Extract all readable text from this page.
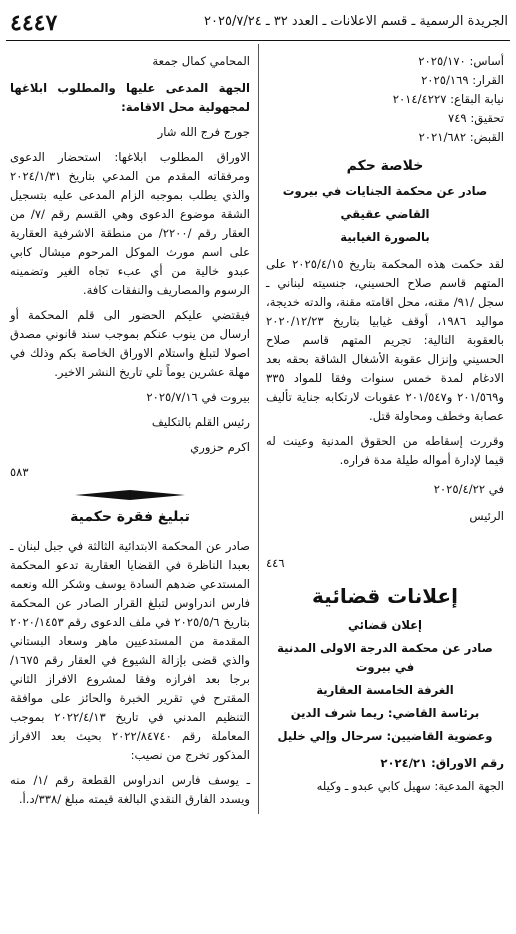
الجريدة الرسمية ـ قسم الاعلانات ـ العدد ٣٢ ـ ٢٠٢٥/٧/٢٤
٤٤٤٧
أساس: ٢٠٢٥/١٧٠
القرار: ٢٠٢٥/١٦٩
نيابة البقاع: ٢٠١٤/٤٢٢٧
تحقيق: ٧٤٩
القبض: ٢٠٢١/٦٨٢
خلاصة حكم
صادر عن محكمة الجنايات في بيروت
القاضي عقيقي
بالصورة الغيابية

لقد حكمت هذه المحكمة بتاريخ ٢٠٢٥/٤/١٥ على المتهم قاسم صلاح الحسيني، جنسيته لبناني ـ سجل /٩١/ مقنه، محل اقامته مقنة، والدته خديجة، مواليد ١٩٨٦، أوقف غيابيا بتاريخ ٢٠٢٠/١٢/٢٣ بالعقوبة التالية: تجريم المتهم قاسم صلاح الحسيني وإنزال عقوبة الأشغال الشاقة بحقه بعد الادغام لمدة خمس سنوات وفقا للمواد ٣٣٥ و٢٠١/٥٦٩ و٢٠١/٥٤٧ عقوبات لارتكابه جناية تأليف عصابة وخطف ومحاولة قتل.

وقررت إسقاطه من الحقوق المدنية وعينت له قيما لإدارة أمواله طيلة مدة فراره.

في ٢٠٢٥/٤/٢٢
الرئيس
٤٤٦
إعلانات قضائية
إعلان قضائي
صادر عن محكمة الدرجة الاولى المدنية في بيروت
الغرفة الخامسة العقارية
برئاسة القاضي: ريما شرف الدين
وعضوية القاضيين: سرحال وإلي خليل
رقم الاوراق: ٢٠٢٤/٢١
الجهة المدعية: سهيل كابي عبدو ـ وكيله
المحامي كمال جمعة

الجهة المدعى عليها والمطلوب ابلاغها لمجهولية محل الاقامة:

جورج فرج الله شار

الاوراق المطلوب ابلاغها: استحضار الدعوى ومرفقاته المقدم من المدعي بتاريخ ٢٠٢٤/١/٣١ والذي يطلب بموجبه الزام المدعى عليه بتسجيل الشقة موضوع الدعوى وهي القسم رقم /٧/ من العقار رقم /٢٢٠٠/ من منطقة الاشرفية العقارية على اسم مورث الموكل المرحوم ميشال كابي عبدو خالية من أي عبء تجاه الغير وتضمينه الرسوم والمصاريف والنفقات كافة.

فيقتضي عليكم الحضور الى قلم المحكمة أو ارسال من ينوب عنكم بموجب سند قانوني مصدق اصولا لتبلغ واستلام الاوراق الخاصة بكم وذلك في مهلة عشرين يوماً تلي تاريخ النشر الاخير.

بيروت في ٢٠٢٥/٧/١٦
رئيس القلم بالتكليف
اكرم حزوري
٥٨٣
تبليغ فقرة حكمية

صادر عن المحكمة الابتدائية الثالثة في جبل لبنان ـ بعبدا الناظرة في القضايا العقارية تدعو المحكمة المستدعي ضدهم السادة يوسف وشكر الله ونعمه فارس اندراوس لتبلغ القرار الصادر عن المحكمة بتاريخ ٢٠٢٥/٥/٦ في ملف الدعوى رقم ٢٠٢٠/١٤٥٣ المقدمة من المستدعيين ماهر وسعاد البستاني والذي قضى بإزالة الشيوع في العقار رقم ١٦٧٥/ برجا بعد افرازه وفقا لمشروع الافراز الثاني المقترح في تقرير الخبرة والحائز على موافقة التنظيم المدني في تاريخ ٢٠٢٢/٤/١٣ بموجب المعاملة رقم ٢٠٢٢/٨٤٧٤٠ بحيث بعد الافراز المذكور تخرج من نصيب:

ـ يوسف فارس اندراوس القطعة رقم /١/ منه ويسدد الفارق النقدي البالغة قيمته مبلغ /٣٣٨/د.أ.
